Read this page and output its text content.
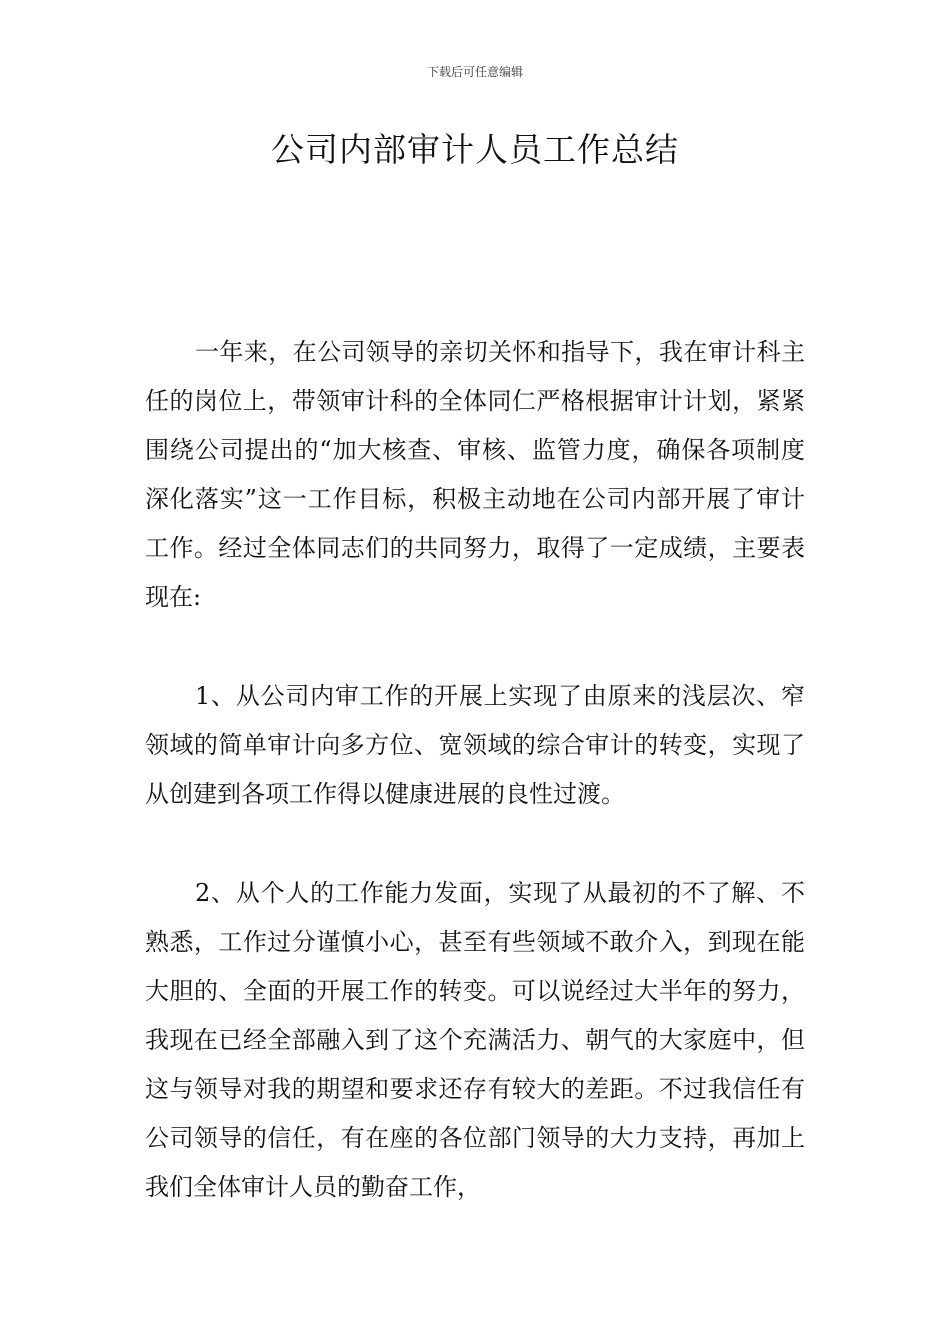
下载后可任意编辑
公司内部审计人员工作总结

一年来，在公司领导的亲切关怀和指导下，我在审计科主任的岗位上，带领审计科的全体同仁严格根据审计计划，紧紧围绕公司提出的“加大核查、审核、监管力度，确保各项制度深化落实”这一工作目标，积极主动地在公司内部开展了审计工作。经过全体同志们的共同努力，取得了一定成绩，主要表现在:

1、从公司内审工作的开展上实现了由原来的浅层次、窄领域的简单审计向多方位、宽领域的综合审计的转变，实现了从创建到各项工作得以健康进展的良性过渡。

2、从个人的工作能力发面，实现了从最初的不了解、不熟悉，工作过分谨慎小心，甚至有些领域不敢介入，到现在能大胆的、全面的开展工作的转变。可以说经过大半年的努力，我现在已经全部融入到了这个充满活力、朝气的大家庭中，但这与领导对我的期望和要求还存有较大的差距。不过我信任有公司领导的信任，有在座的各位部门领导的大力支持，再加上我们全体审计人员的勤奋工作，
